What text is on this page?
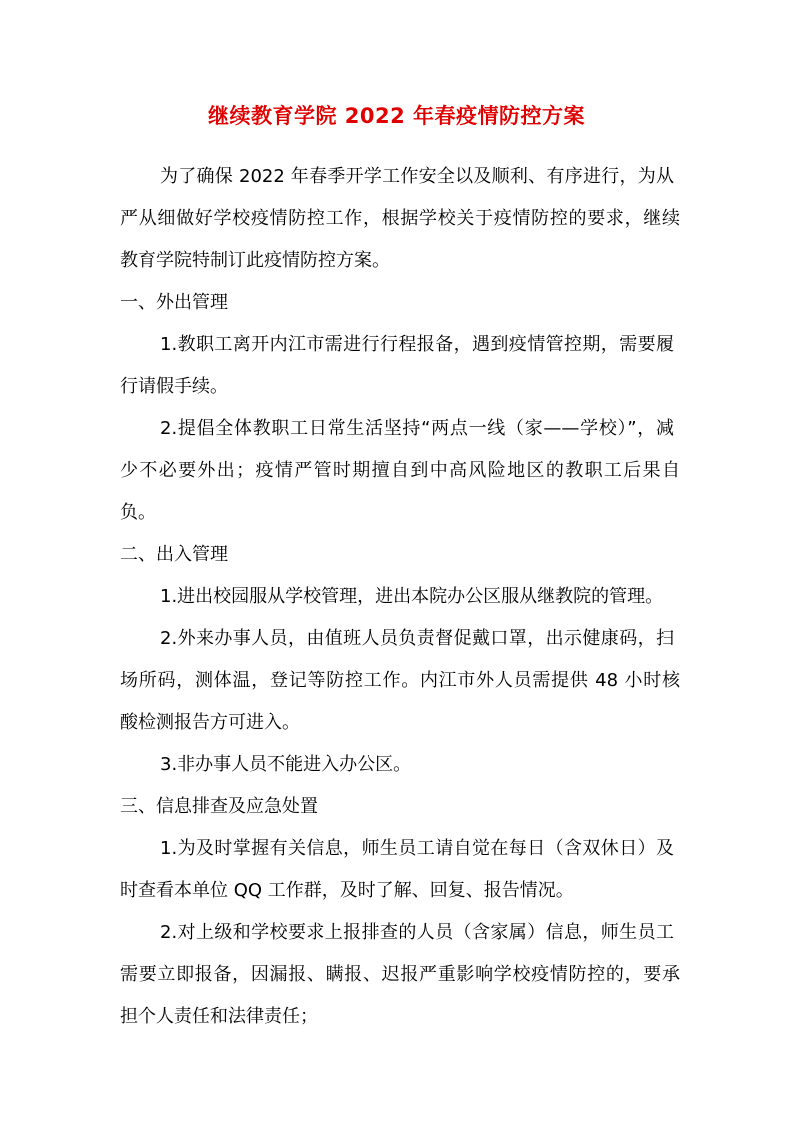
继续教育学院 2022 年春疫情防控方案
为了确保 2022 年春季开学工作安全以及顺利、有序进行，为从
严从细做好学校疫情防控工作，根据学校关于疫情防控的要求，继续
教育学院特制订此疫情防控方案。
一、外出管理
1.教职工离开内江市需进行行程报备，遇到疫情管控期，需要履
行请假手续。
2.提倡全体教职工日常生活坚持“两点一线（家——学校）”，减
少不必要外出；疫情严管时期擅自到中高风险地区的教职工后果自
负。
二、出入管理
1.进出校园服从学校管理，进出本院办公区服从继教院的管理。
2.外来办事人员，由值班人员负责督促戴口罩，出示健康码，扫
场所码，测体温，登记等防控工作。内江市外人员需提供 48 小时核
酸检测报告方可进入。
3.非办事人员不能进入办公区。
三、信息排查及应急处置
1.为及时掌握有关信息，师生员工请自觉在每日（含双休日）及
时查看本单位 QQ 工作群，及时了解、回复、报告情况。
2.对上级和学校要求上报排查的人员（含家属）信息，师生员工
需要立即报备，因漏报、瞒报、迟报严重影响学校疫情防控的，要承
担个人责任和法律责任；
